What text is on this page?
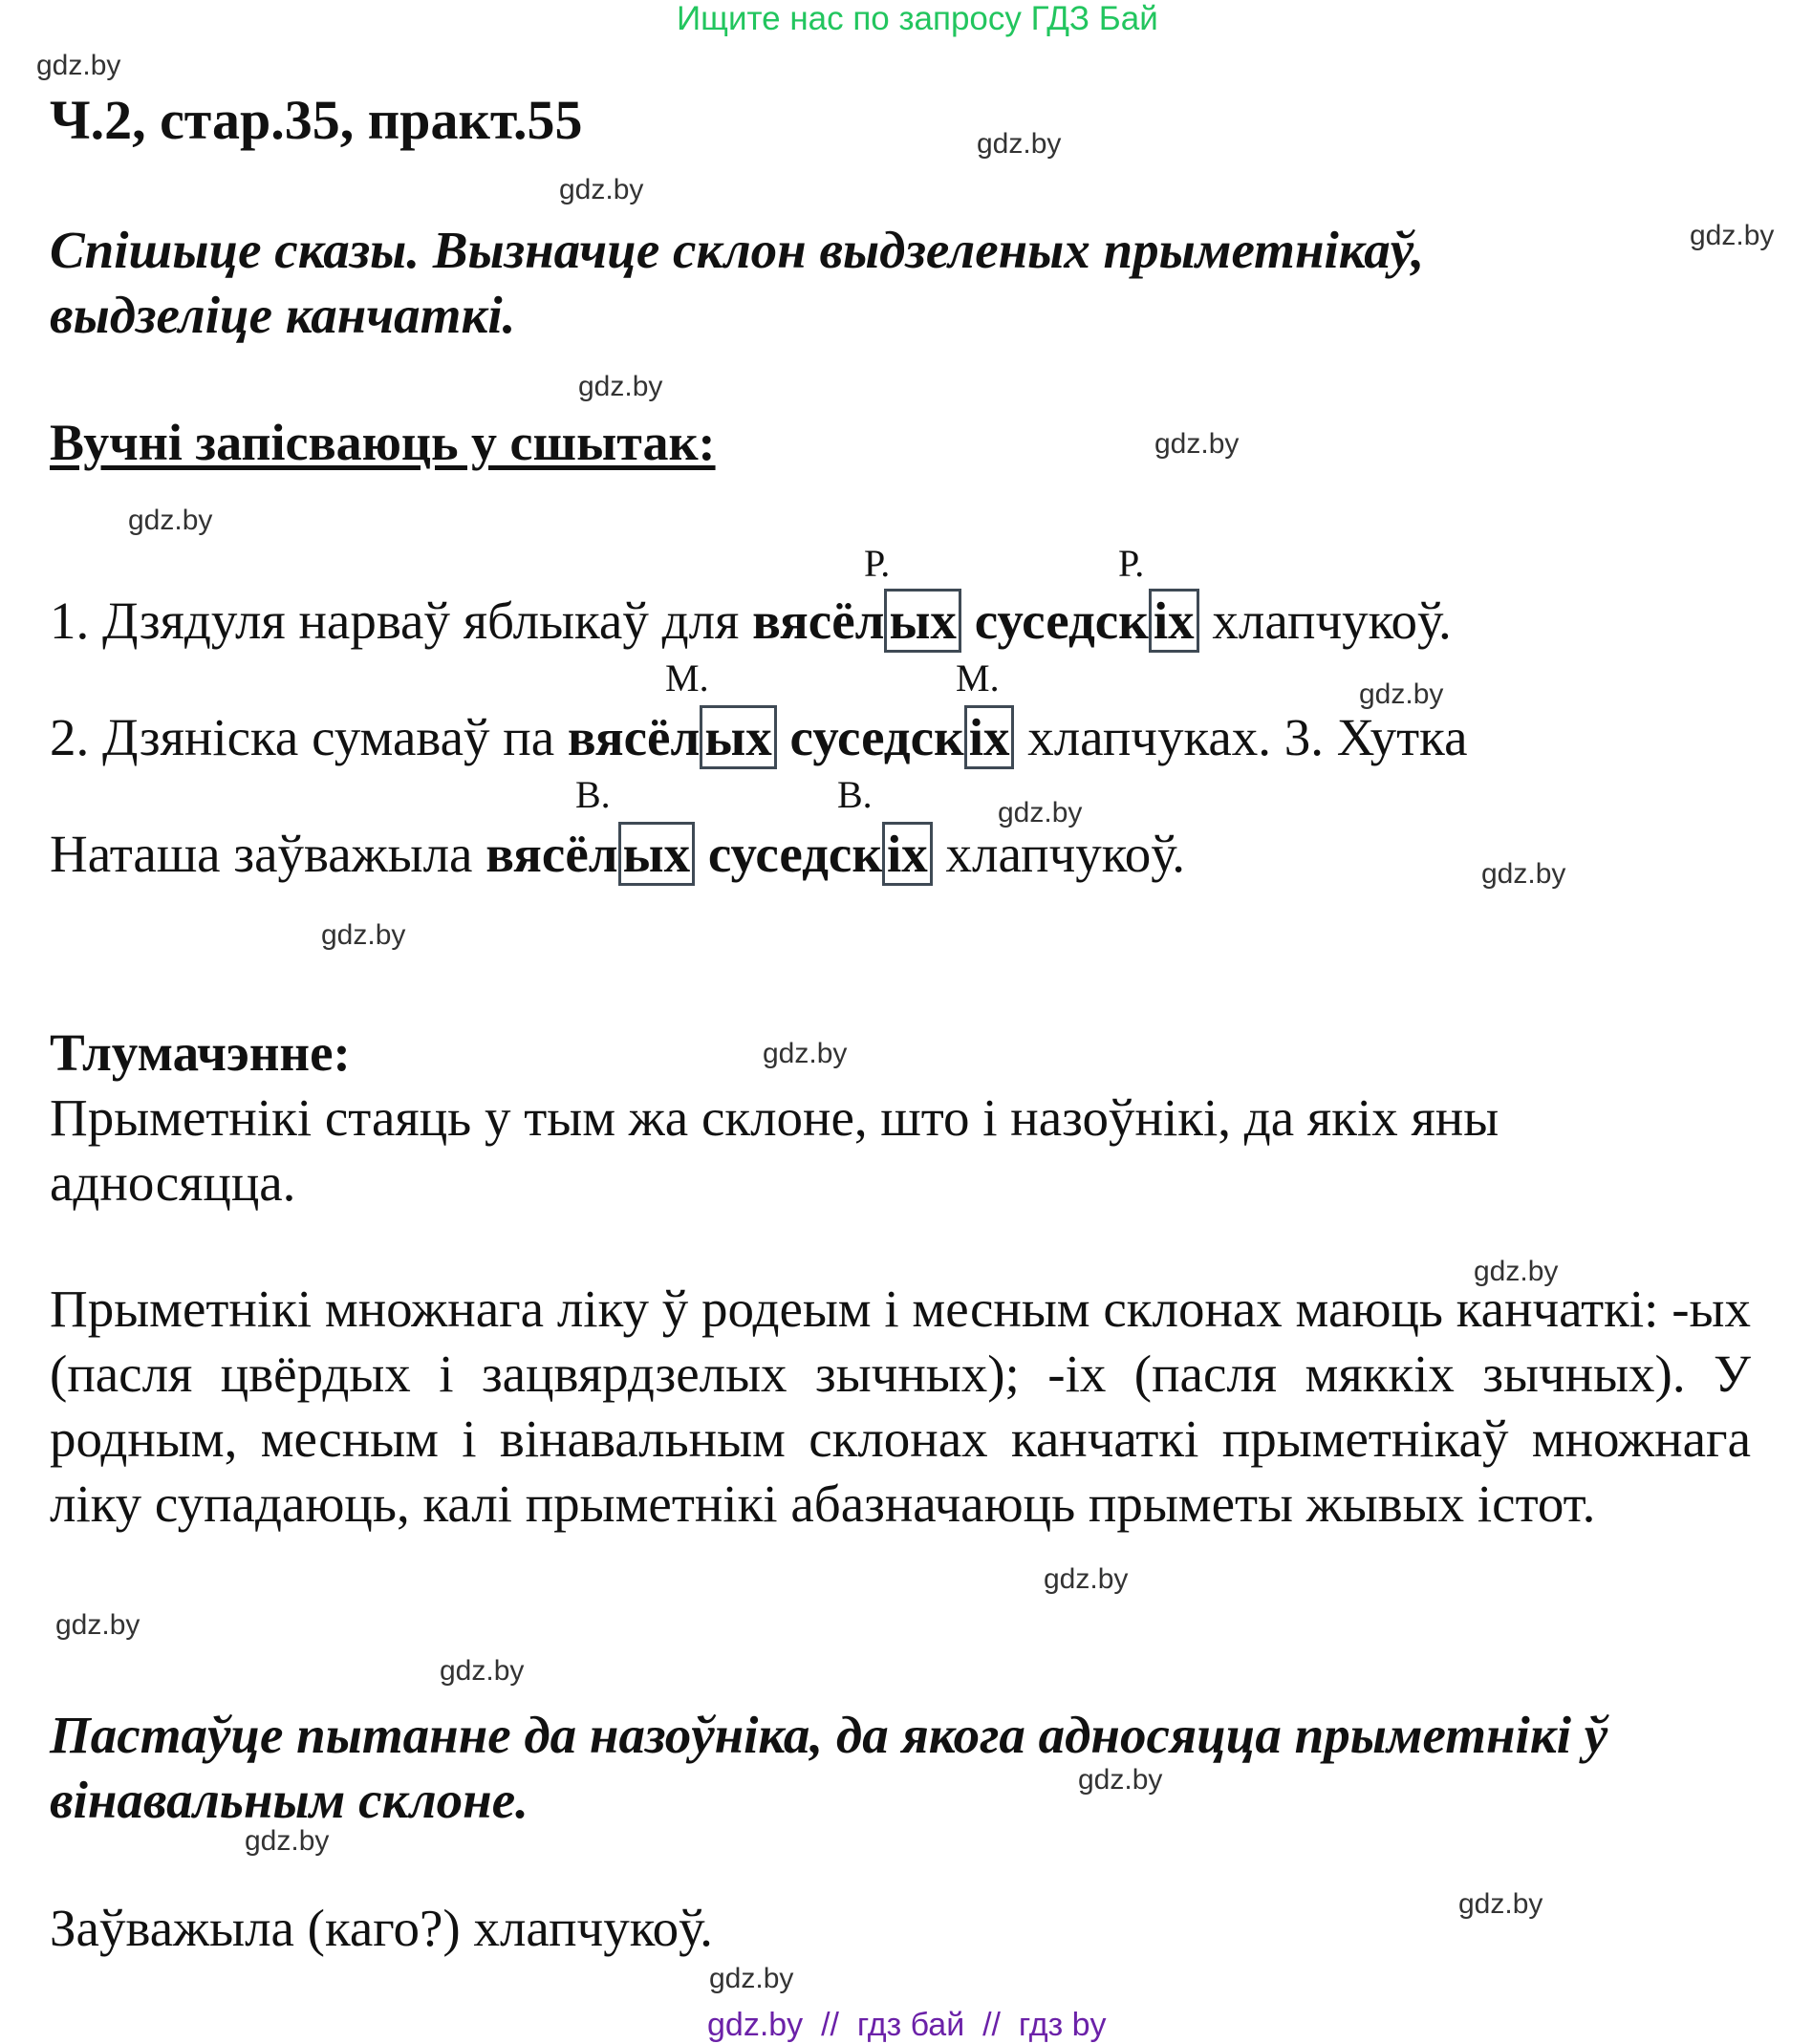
Ищите нас по запросу ГДЗ Бай
gdz.by
gdz.by
gdz.by
gdz.by
gdz.by
gdz.by
gdz.by
gdz.by
gdz.by
gdz.by
gdz.by
gdz.by
gdz.by
gdz.by
gdz.by
gdz.by
gdz.by
gdz.by
gdz.by
gdz.by
Ч.2, стар.35, практ.55
Спішыце сказы. Вызначце склон выдзеленых прыметнікаў,
выдзеліце канчаткі.
Вучні запісваюць у сшытак:
Р.	Р.
М.	М.
В.	В.
1. Дзядуля нарваў яблыкаў для вясёлых суседскіх хлапчукоў.
2. Дзяніска сумаваў па вясёлых суседскіх хлапчуках. 3. Хутка
Наташа заўважыла вясёлых суседскіх хлапчукоў.
Тлумачэнне:
Прыметнікі стаяць у тым жа склоне, што і назоўнікі, да якіх яны адносяцца.
Прыметнікі множнага ліку ў родеым і месным склонах маюць канчаткі: -ых (пасля цвёрдых і зацвярдзелых зычных); -іх (пасля мяккіх зычных). У родным, месным і вінавальным склонах канчаткі прыметнікаў множнага ліку супадаюць, калі прыметнікі абазначаюць прыметы жывых істот.
Пастаўце пытанне да назоўніка, да якога адносяцца прыметнікі ў
вінавальным склоне.
Заўважыла (каго?) хлапчукоў.
gdz.by  //  гдз бай  //  гдз by
